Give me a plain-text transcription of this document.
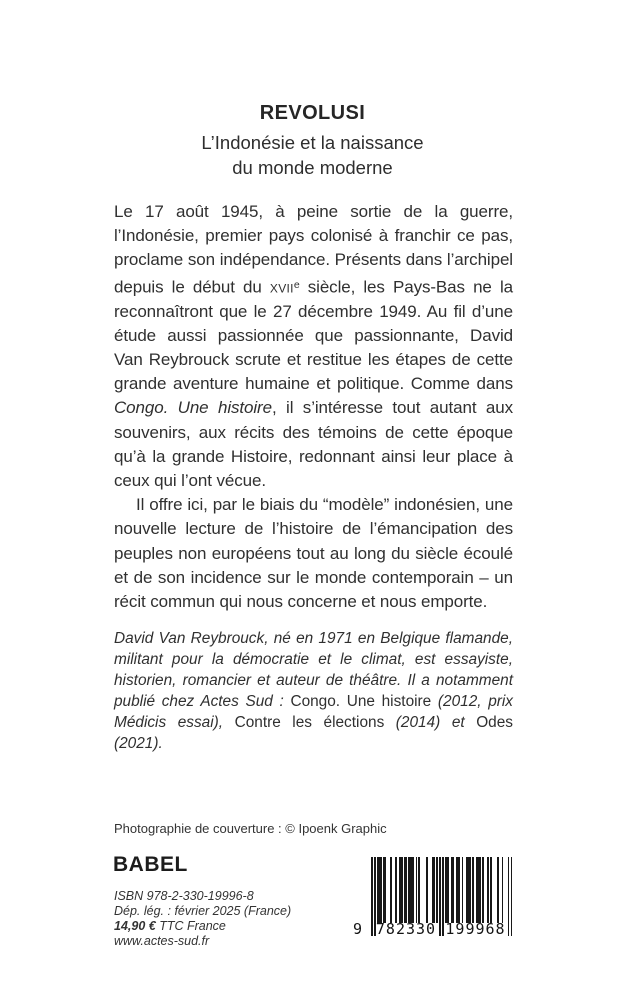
REVOLUSI
L’Indonésie et la naissance
du monde moderne

Le 17 août 1945, à peine sortie de la guerre, l’Indonésie, premier pays colonisé à franchir ce pas, proclame son indépendance. Présents dans l’archipel depuis le début du xvii$^e$ siècle, les Pays-Bas ne la reconnaîtront que le 27 décembre 1949. Au fil d’une étude aussi passionnée que passionnante, David Van Reybrouck scrute et restitue les étapes de cette grande aventure humaine et politique. Comme dans Congo. Une histoire, il s’intéresse tout autant aux souvenirs, aux récits des témoins de cette époque qu’à la grande Histoire, redonnant ainsi leur place à ceux qui l’ont vécue.

Il offre ici, par le biais du “modèle” indonésien, une nouvelle lecture de l’histoire de l’émancipation des peuples non européens tout au long du siècle écoulé et de son incidence sur le monde contemporain – un récit commun qui nous concerne et nous emporte.

David Van Reybrouck, né en 1971 en Belgique flamande, militant pour la démocratie et le climat, est essayiste, historien, romancier et auteur de théâtre. Il a notamment publié chez Actes Sud : Congo. Une histoire (2012, prix Médicis essai), Contre les élections (2014) et Odes (2021).
Photographie de couverture : © Ipoenk Graphic
BABEL
ISBN 978-2-330-19996-8
Dép. lég. : février 2025 (France)
14,90 € TTC France
www.actes-sud.fr
9 782330 199968
